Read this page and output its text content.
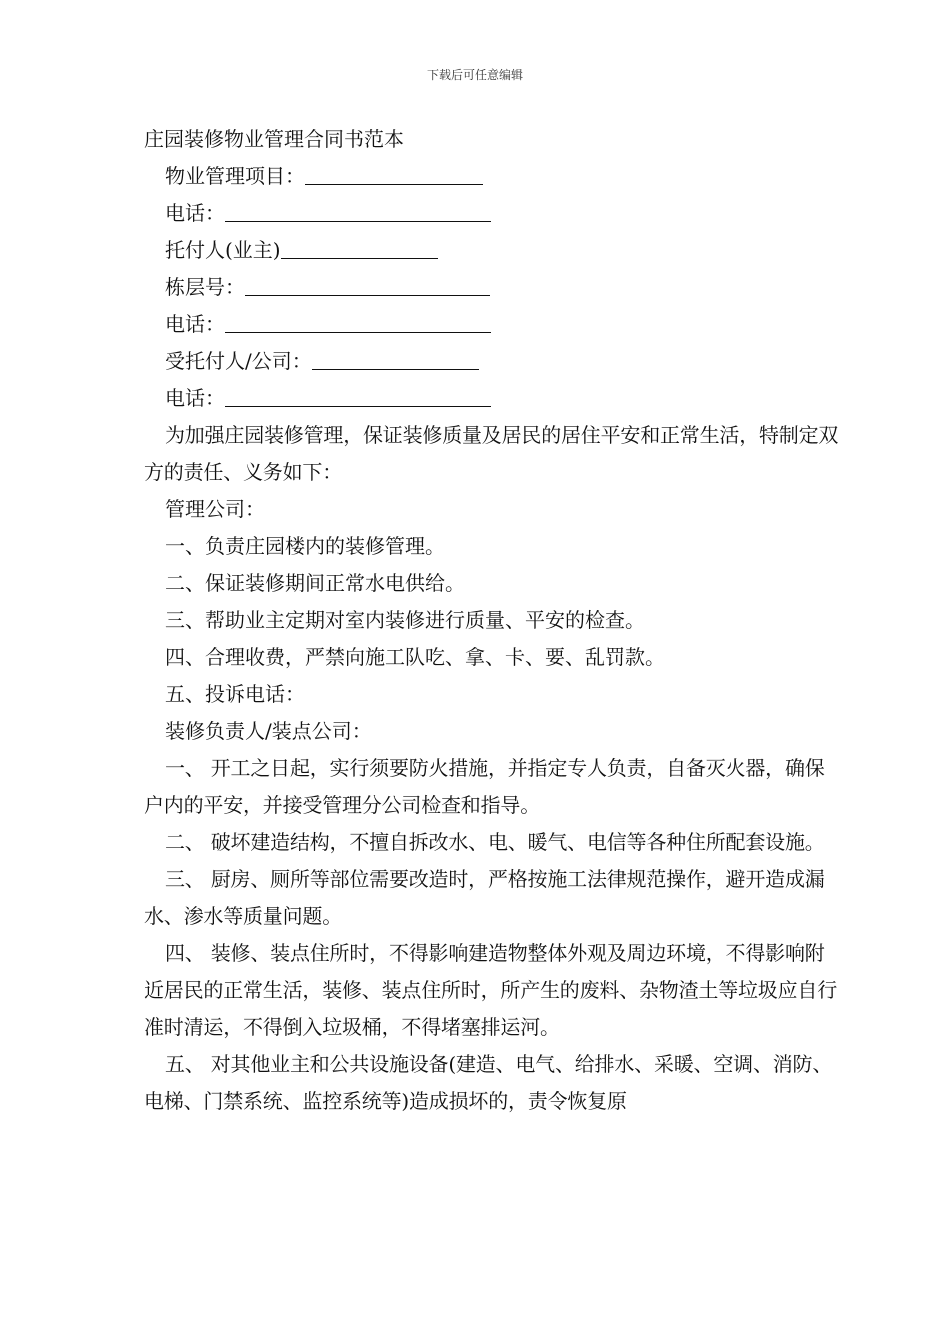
下载后可任意编辑
庄园装修物业管理合同书范本
物业管理项目：
电话：
托付人(业主)
栋层号：
电话：
受托付人/公司：
电话：
为加强庄园装修管理，保证装修质量及居民的居住平安和正常生活，特制定双方的责任、义务如下：
管理公司：
一、负责庄园楼内的装修管理。
二、保证装修期间正常水电供给。
三、帮助业主定期对室内装修进行质量、平安的检查。
四、合理收费，严禁向施工队吃、拿、卡、要、乱罚款。
五、投诉电话：
装修负责人/装点公司：
一、 开工之日起，实行须要防火措施，并指定专人负责，自备灭火器，确保户内的平安，并接受管理分公司检查和指导。
二、 破坏建造结构，不擅自拆改水、电、暖气、电信等各种住所配套设施。
三、 厨房、厕所等部位需要改造时，严格按施工法律规范操作，避开造成漏水、渗水等质量问题。
四、 装修、装点住所时，不得影响建造物整体外观及周边环境，不得影响附近居民的正常生活，装修、装点住所时，所产生的废料、杂物渣土等垃圾应自行准时清运，不得倒入垃圾桶，不得堵塞排运河。
五、 对其他业主和公共设施设备(建造、电气、给排水、采暖、空调、消防、电梯、门禁系统、监控系统等)造成损坏的，责令恢复原
